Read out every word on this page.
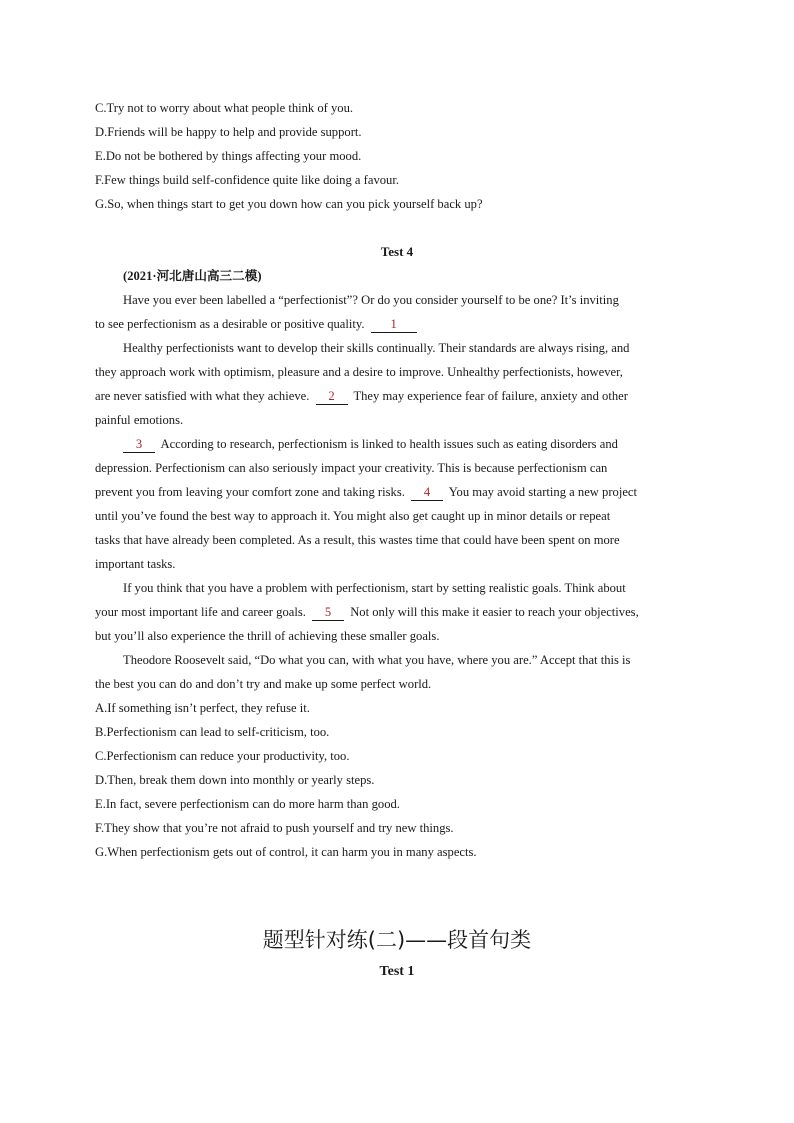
C.Try not to worry about what people think of you.
D.Friends will be happy to help and provide support.
E.Do not be bothered by things affecting your mood.
F.Few things build self-confidence quite like doing a favour.
G.So, when things start to get you down how can you pick yourself back up?
Test 4
(2021·河北唐山高三二模)
Have you ever been labelled a “perfectionist”? Or do you consider yourself to be one? It’s inviting
to see perfectionism as a desirable or positive quality. 1
Healthy perfectionists want to develop their skills continually. Their standards are always rising, and
they approach work with optimism, pleasure and a desire to improve. Unhealthy perfectionists, however,
are never satisfied with what they achieve. 2 They may experience fear of failure, anxiety and other
painful emotions.
3 According to research, perfectionism is linked to health issues such as eating disorders and
depression. Perfectionism can also seriously impact your creativity. This is because perfectionism can
prevent you from leaving your comfort zone and taking risks. 4 You may avoid starting a new project
until you’ve found the best way to approach it. You might also get caught up in minor details or repeat
tasks that have already been completed. As a result, this wastes time that could have been spent on more
important tasks.
If you think that you have a problem with perfectionism, start by setting realistic goals. Think about
your most important life and career goals. 5 Not only will this make it easier to reach your objectives,
but you’ll also experience the thrill of achieving these smaller goals.
Theodore Roosevelt said, “Do what you can, with what you have, where you are.” Accept that this is
the best you can do and don’t try and make up some perfect world.
A.If something isn’t perfect, they refuse it.
B.Perfectionism can lead to self-criticism, too.
C.Perfectionism can reduce your productivity, too.
D.Then, break them down into monthly or yearly steps.
E.In fact, severe perfectionism can do more harm than good.
F.They show that you’re not afraid to push yourself and try new things.
G.When perfectionism gets out of control, it can harm you in many aspects.
题型针对练(二)——段首句类
Test 1
